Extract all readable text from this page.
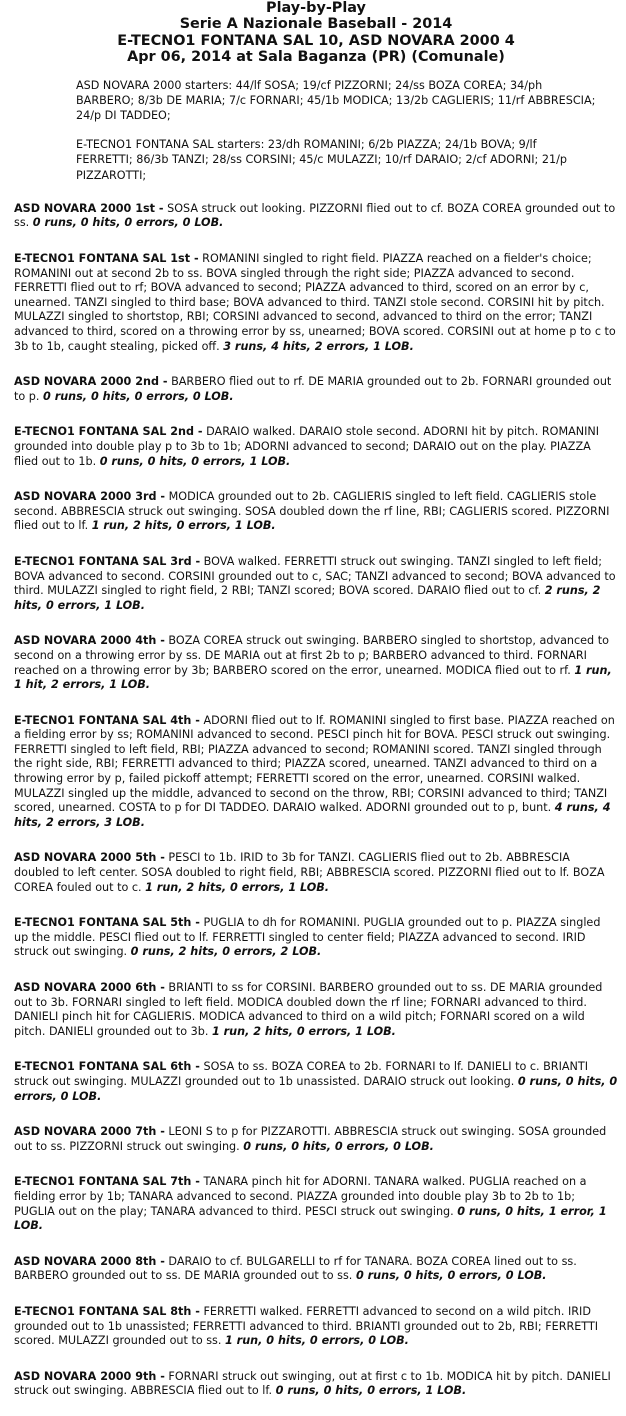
Play-by-Play
Serie A Nazionale Baseball - 2014
E-TECNO1 FONTANA SAL 10, ASD NOVARA 2000 4
Apr 06, 2014 at Sala Baganza (PR) (Comunale)

ASD NOVARA 2000 starters: 44/lf SOSA; 19/cf PIZZORNI; 24/ss BOZA COREA; 34/ph BARBERO; 8/3b DE MARIA; 7/c FORNARI; 45/1b MODICA; 13/2b CAGLIERIS; 11/rf ABBRESCIA; 24/p DI TADDEO;

E-TECNO1 FONTANA SAL starters: 23/dh ROMANINI; 6/2b PIAZZA; 24/1b BOVA; 9/lf FERRETTI; 86/3b TANZI; 28/ss CORSINI; 45/c MULAZZI; 10/rf DARAIO; 2/cf ADORNI; 21/p PIZZAROTTI;

ASD NOVARA 2000 1st - SOSA struck out looking. PIZZORNI flied out to cf. BOZA COREA grounded out to ss. 0 runs, 0 hits, 0 errors, 0 LOB.

E-TECNO1 FONTANA SAL 1st - ROMANINI singled to right field. PIAZZA reached on a fielder's choice; ROMANINI out at second 2b to ss. BOVA singled through the right side; PIAZZA advanced to second. FERRETTI flied out to rf; BOVA advanced to second; PIAZZA advanced to third, scored on an error by c, unearned. TANZI singled to third base; BOVA advanced to third. TANZI stole second. CORSINI hit by pitch. MULAZZI singled to shortstop, RBI; CORSINI advanced to second, advanced to third on the error; TANZI advanced to third, scored on a throwing error by ss, unearned; BOVA scored. CORSINI out at home p to c to 3b to 1b, caught stealing, picked off. 3 runs, 4 hits, 2 errors, 1 LOB.

ASD NOVARA 2000 2nd - BARBERO flied out to rf. DE MARIA grounded out to 2b. FORNARI grounded out to p. 0 runs, 0 hits, 0 errors, 0 LOB.

E-TECNO1 FONTANA SAL 2nd - DARAIO walked. DARAIO stole second. ADORNI hit by pitch. ROMANINI grounded into double play p to 3b to 1b; ADORNI advanced to second; DARAIO out on the play. PIAZZA flied out to 1b. 0 runs, 0 hits, 0 errors, 1 LOB.

ASD NOVARA 2000 3rd - MODICA grounded out to 2b. CAGLIERIS singled to left field. CAGLIERIS stole second. ABBRESCIA struck out swinging. SOSA doubled down the rf line, RBI; CAGLIERIS scored. PIZZORNI flied out to lf. 1 run, 2 hits, 0 errors, 1 LOB.

E-TECNO1 FONTANA SAL 3rd - BOVA walked. FERRETTI struck out swinging. TANZI singled to left field; BOVA advanced to second. CORSINI grounded out to c, SAC; TANZI advanced to second; BOVA advanced to third. MULAZZI singled to right field, 2 RBI; TANZI scored; BOVA scored. DARAIO flied out to cf. 2 runs, 2 hits, 0 errors, 1 LOB.

ASD NOVARA 2000 4th - BOZA COREA struck out swinging. BARBERO singled to shortstop, advanced to second on a throwing error by ss. DE MARIA out at first 2b to p; BARBERO advanced to third. FORNARI reached on a throwing error by 3b; BARBERO scored on the error, unearned. MODICA flied out to rf. 1 run, 1 hit, 2 errors, 1 LOB.

E-TECNO1 FONTANA SAL 4th - ADORNI flied out to lf. ROMANINI singled to first base. PIAZZA reached on a fielding error by ss; ROMANINI advanced to second. PESCI pinch hit for BOVA. PESCI struck out swinging. FERRETTI singled to left field, RBI; PIAZZA advanced to second; ROMANINI scored. TANZI singled through the right side, RBI; FERRETTI advanced to third; PIAZZA scored, unearned. TANZI advanced to third on a throwing error by p, failed pickoff attempt; FERRETTI scored on the error, unearned. CORSINI walked. MULAZZI singled up the middle, advanced to second on the throw, RBI; CORSINI advanced to third; TANZI scored, unearned. COSTA to p for DI TADDEO. DARAIO walked. ADORNI grounded out to p, bunt. 4 runs, 4 hits, 2 errors, 3 LOB.

ASD NOVARA 2000 5th - PESCI to 1b. IRID to 3b for TANZI. CAGLIERIS flied out to 2b. ABBRESCIA doubled to left center. SOSA doubled to right field, RBI; ABBRESCIA scored. PIZZORNI flied out to lf. BOZA COREA fouled out to c. 1 run, 2 hits, 0 errors, 1 LOB.

E-TECNO1 FONTANA SAL 5th - PUGLIA to dh for ROMANINI. PUGLIA grounded out to p. PIAZZA singled up the middle. PESCI flied out to lf. FERRETTI singled to center field; PIAZZA advanced to second. IRID struck out swinging. 0 runs, 2 hits, 0 errors, 2 LOB.

ASD NOVARA 2000 6th - BRIANTI to ss for CORSINI. BARBERO grounded out to ss. DE MARIA grounded out to 3b. FORNARI singled to left field. MODICA doubled down the rf line; FORNARI advanced to third. DANIELI pinch hit for CAGLIERIS. MODICA advanced to third on a wild pitch; FORNARI scored on a wild pitch. DANIELI grounded out to 3b. 1 run, 2 hits, 0 errors, 1 LOB.

E-TECNO1 FONTANA SAL 6th - SOSA to ss. BOZA COREA to 2b. FORNARI to lf. DANIELI to c. BRIANTI struck out swinging. MULAZZI grounded out to 1b unassisted. DARAIO struck out looking. 0 runs, 0 hits, 0 errors, 0 LOB.

ASD NOVARA 2000 7th - LEONI S to p for PIZZAROTTI. ABBRESCIA struck out swinging. SOSA grounded out to ss. PIZZORNI struck out swinging. 0 runs, 0 hits, 0 errors, 0 LOB.

E-TECNO1 FONTANA SAL 7th - TANARA pinch hit for ADORNI. TANARA walked. PUGLIA reached on a fielding error by 1b; TANARA advanced to second. PIAZZA grounded into double play 3b to 2b to 1b; PUGLIA out on the play; TANARA advanced to third. PESCI struck out swinging. 0 runs, 0 hits, 1 error, 1 LOB.

ASD NOVARA 2000 8th - DARAIO to cf. BULGARELLI to rf for TANARA. BOZA COREA lined out to ss. BARBERO grounded out to ss. DE MARIA grounded out to ss. 0 runs, 0 hits, 0 errors, 0 LOB.

E-TECNO1 FONTANA SAL 8th - FERRETTI walked. FERRETTI advanced to second on a wild pitch. IRID grounded out to 1b unassisted; FERRETTI advanced to third. BRIANTI grounded out to 2b, RBI; FERRETTI scored. MULAZZI grounded out to ss. 1 run, 0 hits, 0 errors, 0 LOB.

ASD NOVARA 2000 9th - FORNARI struck out swinging, out at first c to 1b. MODICA hit by pitch. DANIELI struck out swinging. ABBRESCIA flied out to lf. 0 runs, 0 hits, 0 errors, 1 LOB.
